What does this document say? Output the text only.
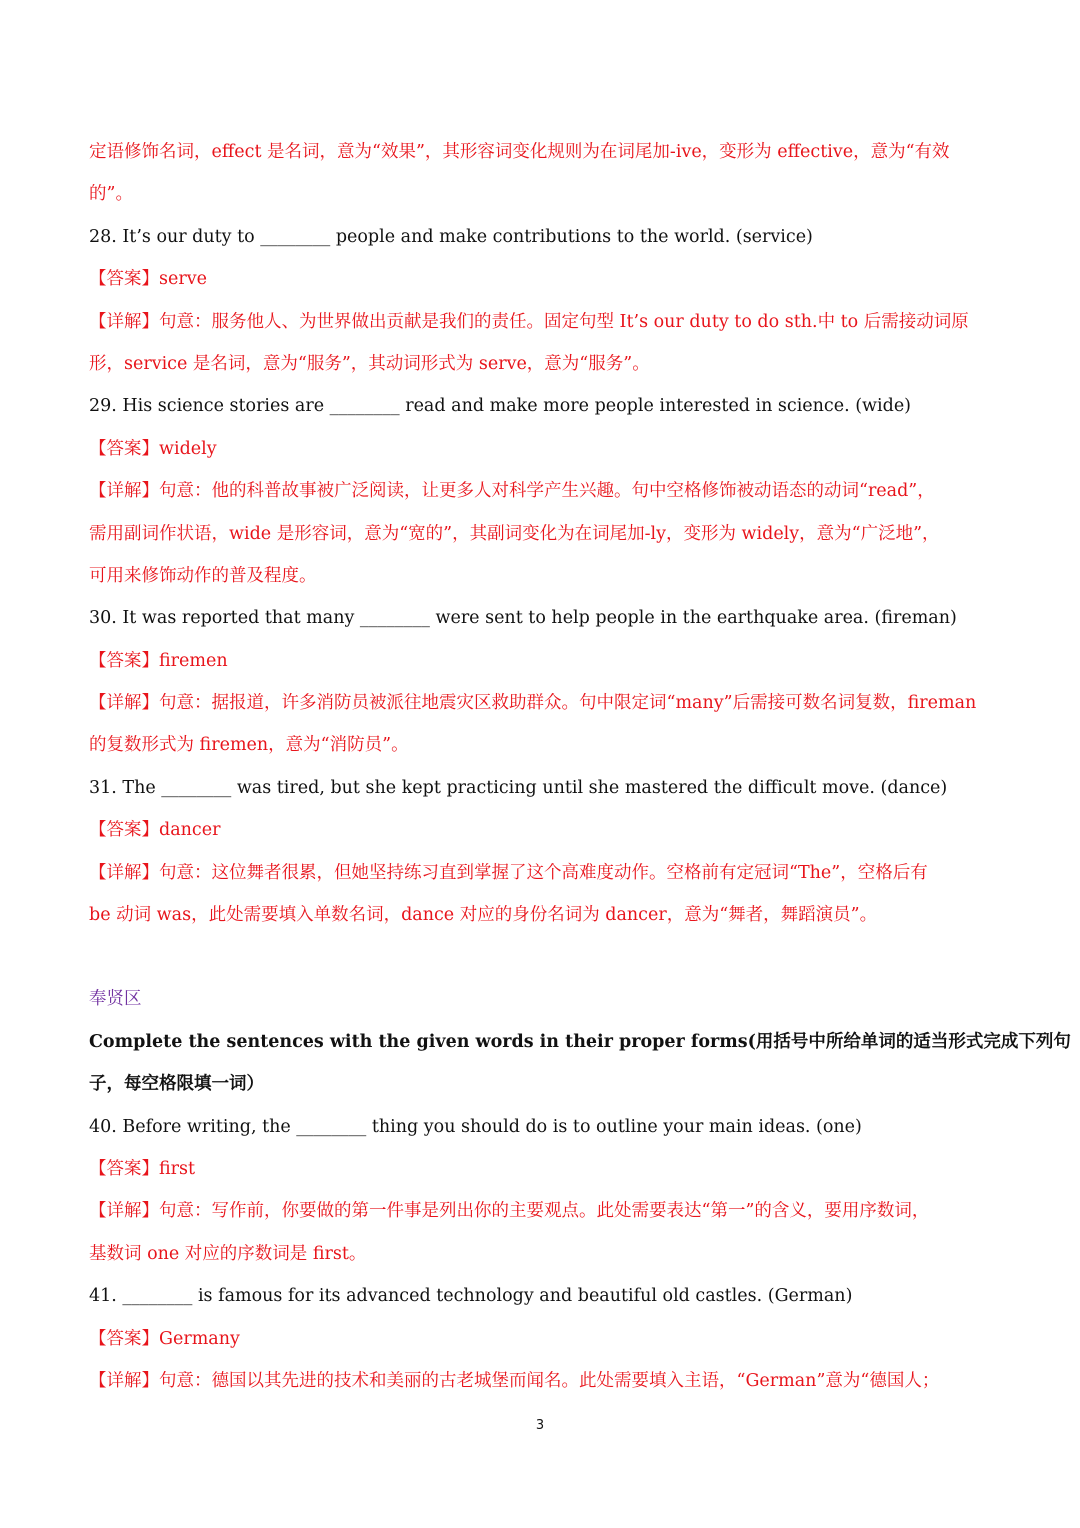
定语修饰名词，effect 是名词，意为“效果”，其形容词变化规则为在词尾加-ive，变形为 effective，意为“有效
的”。
28. It’s our duty to ________ people and make contributions to the world. (service)
【答案】serve
【详解】句意：服务他人、为世界做出贡献是我们的责任。固定句型 It’s our duty to do sth.中 to 后需接动词原
形，service 是名词，意为“服务”，其动词形式为 serve，意为“服务”。
29. His science stories are ________ read and make more people interested in science. (wide)
【答案】widely
【详解】句意：他的科普故事被广泛阅读，让更多人对科学产生兴趣。句中空格修饰被动语态的动词“read”，
需用副词作状语，wide 是形容词，意为“宽的”，其副词变化为在词尾加-ly，变形为 widely，意为“广泛地”，
可用来修饰动作的普及程度。
30. It was reported that many ________ were sent to help people in the earthquake area. (fireman)
【答案】firemen
【详解】句意：据报道，许多消防员被派往地震灾区救助群众。句中限定词“many”后需接可数名词复数，fireman
的复数形式为 firemen，意为“消防员”。
31. The ________ was tired, but she kept practicing until she mastered the difficult move. (dance)
【答案】dancer
【详解】句意：这位舞者很累，但她坚持练习直到掌握了这个高难度动作。空格前有定冠词“The”，空格后有
be 动词 was，此处需要填入单数名词，dance 对应的身份名词为 dancer，意为“舞者，舞蹈演员”。
奉贤区
Complete the sentences with the given words in their proper forms(用括号中所给单词的适当形式完成下列句
子，每空格限填一词）
40. Before writing, the ________ thing you should do is to outline your main ideas. (one)
【答案】first
【详解】句意：写作前，你要做的第一件事是列出你的主要观点。此处需要表达“第一”的含义，要用序数词，
基数词 one 对应的序数词是 first。
41. ________ is famous for its advanced technology and beautiful old castles. (German)
【答案】Germany
【详解】句意：德国以其先进的技术和美丽的古老城堡而闻名。此处需要填入主语，“German”意为“德国人；
3
